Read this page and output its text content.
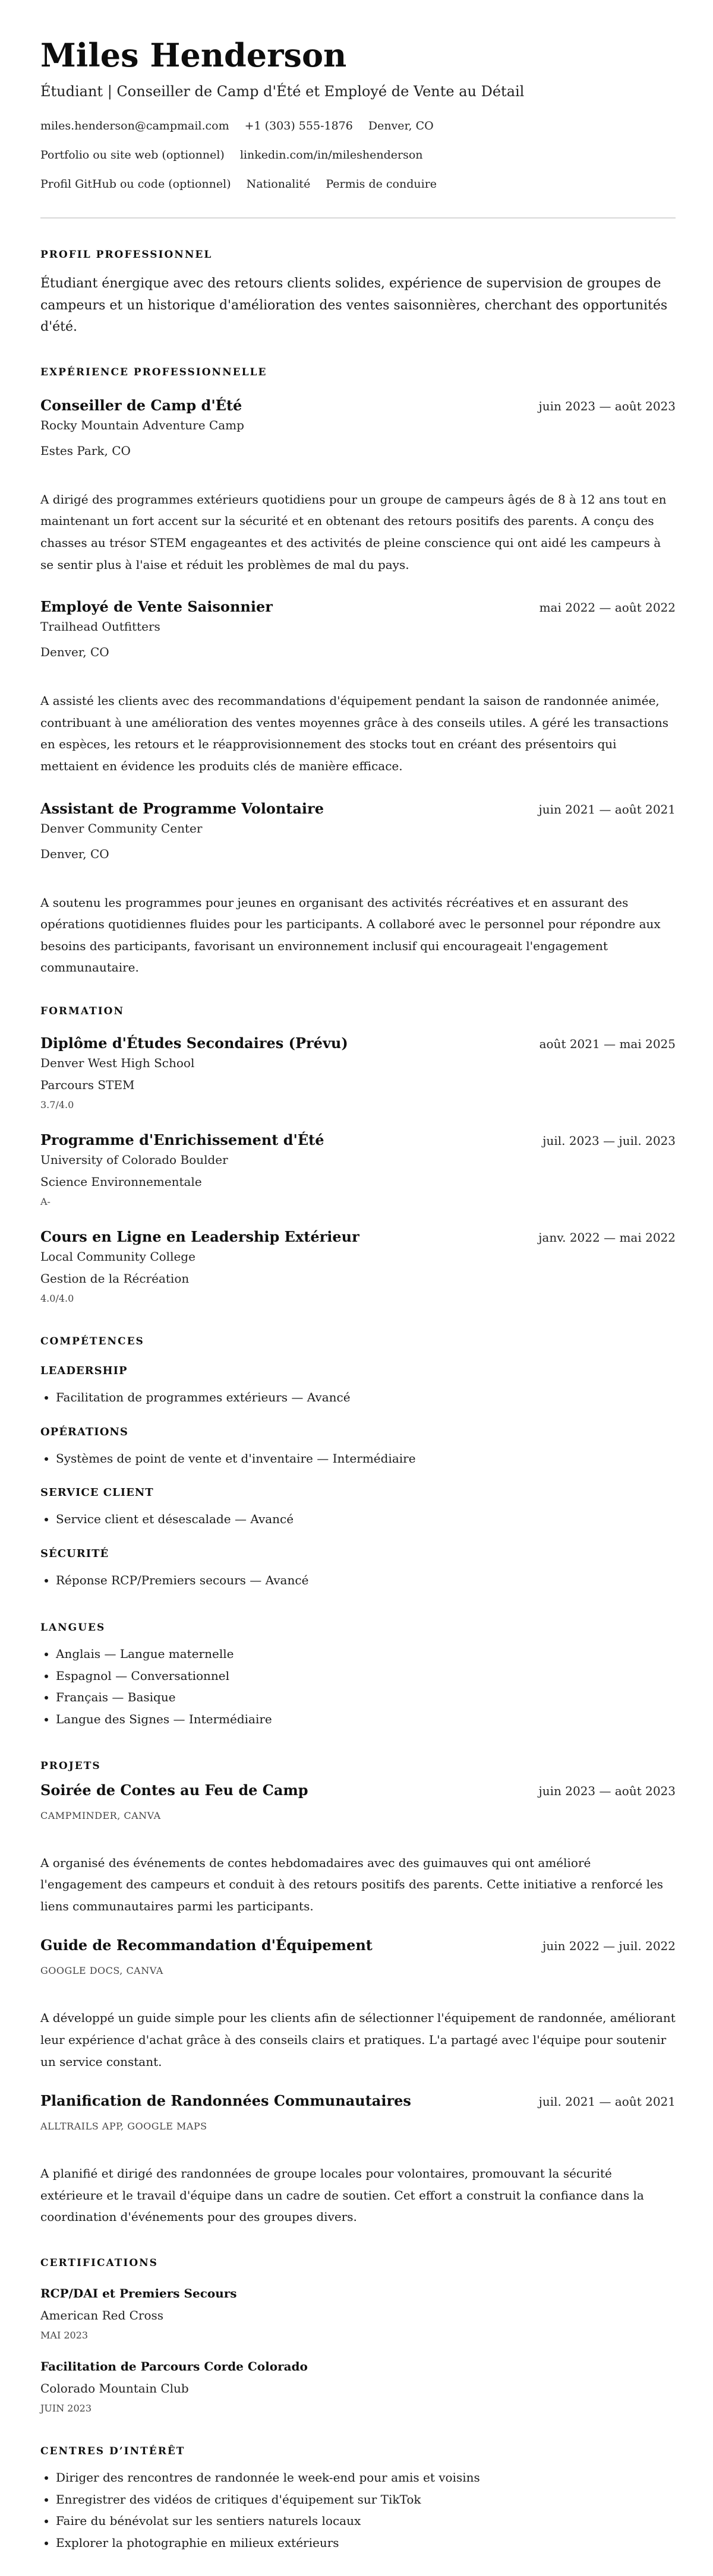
Miles Henderson
Étudiant | Conseiller de Camp d'Été et Employé de Vente au Détail
miles.henderson@campmail.com +1 (303) 555-1876 Denver, CO
Portfolio ou site web (optionnel) linkedin.com/in/mileshenderson
Profil GitHub ou code (optionnel) Nationalité Permis de conduire
PROFIL PROFESSIONNEL
Étudiant énergique avec des retours clients solides, expérience de supervision de groupes de campeurs et un historique d'amélioration des ventes saisonnières, cherchant des opportunités d'été.
EXPÉRIENCE PROFESSIONNELLE
Conseiller de Camp d'Été	juin 2023 — août 2023
Rocky Mountain Adventure Camp
Estes Park, CO
A dirigé des programmes extérieurs quotidiens pour un groupe de campeurs âgés de 8 à 12 ans tout en maintenant un fort accent sur la sécurité et en obtenant des retours positifs des parents. A conçu des chasses au trésor STEM engageantes et des activités de pleine conscience qui ont aidé les campeurs à se sentir plus à l'aise et réduit les problèmes de mal du pays.
Employé de Vente Saisonnier	mai 2022 — août 2022
Trailhead Outfitters
Denver, CO
A assisté les clients avec des recommandations d'équipement pendant la saison de randonnée animée, contribuant à une amélioration des ventes moyennes grâce à des conseils utiles. A géré les transactions en espèces, les retours et le réapprovisionnement des stocks tout en créant des présentoirs qui mettaient en évidence les produits clés de manière efficace.
Assistant de Programme Volontaire	juin 2021 — août 2021
Denver Community Center
Denver, CO
A soutenu les programmes pour jeunes en organisant des activités récréatives et en assurant des opérations quotidiennes fluides pour les participants. A collaboré avec le personnel pour répondre aux besoins des participants, favorisant un environnement inclusif qui encourageait l'engagement communautaire.
FORMATION
Diplôme d'Études Secondaires (Prévu)	août 2021 — mai 2025
Denver West High School
Parcours STEM
3.7/4.0
Programme d'Enrichissement d'Été	juil. 2023 — juil. 2023
University of Colorado Boulder
Science Environnementale
A-
Cours en Ligne en Leadership Extérieur	janv. 2022 — mai 2022
Local Community College
Gestion de la Récréation
4.0/4.0
COMPÉTENCES
LEADERSHIP
• Facilitation de programmes extérieurs — Avancé
OPÉRATIONS
• Systèmes de point de vente et d'inventaire — Intermédiaire
SERVICE CLIENT
• Service client et désescalade — Avancé
SÉCURITÉ
• Réponse RCP/Premiers secours — Avancé
LANGUES
• Anglais — Langue maternelle
• Espagnol — Conversationnel
• Français — Basique
• Langue des Signes — Intermédiaire
PROJETS
Soirée de Contes au Feu de Camp	juin 2023 — août 2023
CAMPMINDER, CANVA
A organisé des événements de contes hebdomadaires avec des guimauves qui ont amélioré l'engagement des campeurs et conduit à des retours positifs des parents. Cette initiative a renforcé les liens communautaires parmi les participants.
Guide de Recommandation d'Équipement	juin 2022 — juil. 2022
GOOGLE DOCS, CANVA
A développé un guide simple pour les clients afin de sélectionner l'équipement de randonnée, améliorant leur expérience d'achat grâce à des conseils clairs et pratiques. L'a partagé avec l'équipe pour soutenir un service constant.
Planification de Randonnées Communautaires	juil. 2021 — août 2021
ALLTRAILS APP, GOOGLE MAPS
A planifié et dirigé des randonnées de groupe locales pour volontaires, promouvant la sécurité extérieure et le travail d'équipe dans un cadre de soutien. Cet effort a construit la confiance dans la coordination d'événements pour des groupes divers.
CERTIFICATIONS
RCP/DAI et Premiers Secours
American Red Cross
MAI 2023
Facilitation de Parcours Corde Colorado
Colorado Mountain Club
JUIN 2023
CENTRES D’INTÉRÊT
• Diriger des rencontres de randonnée le week-end pour amis et voisins
• Enregistrer des vidéos de critiques d'équipement sur TikTok
• Faire du bénévolat sur les sentiers naturels locaux
• Explorer la photographie en milieux extérieurs
